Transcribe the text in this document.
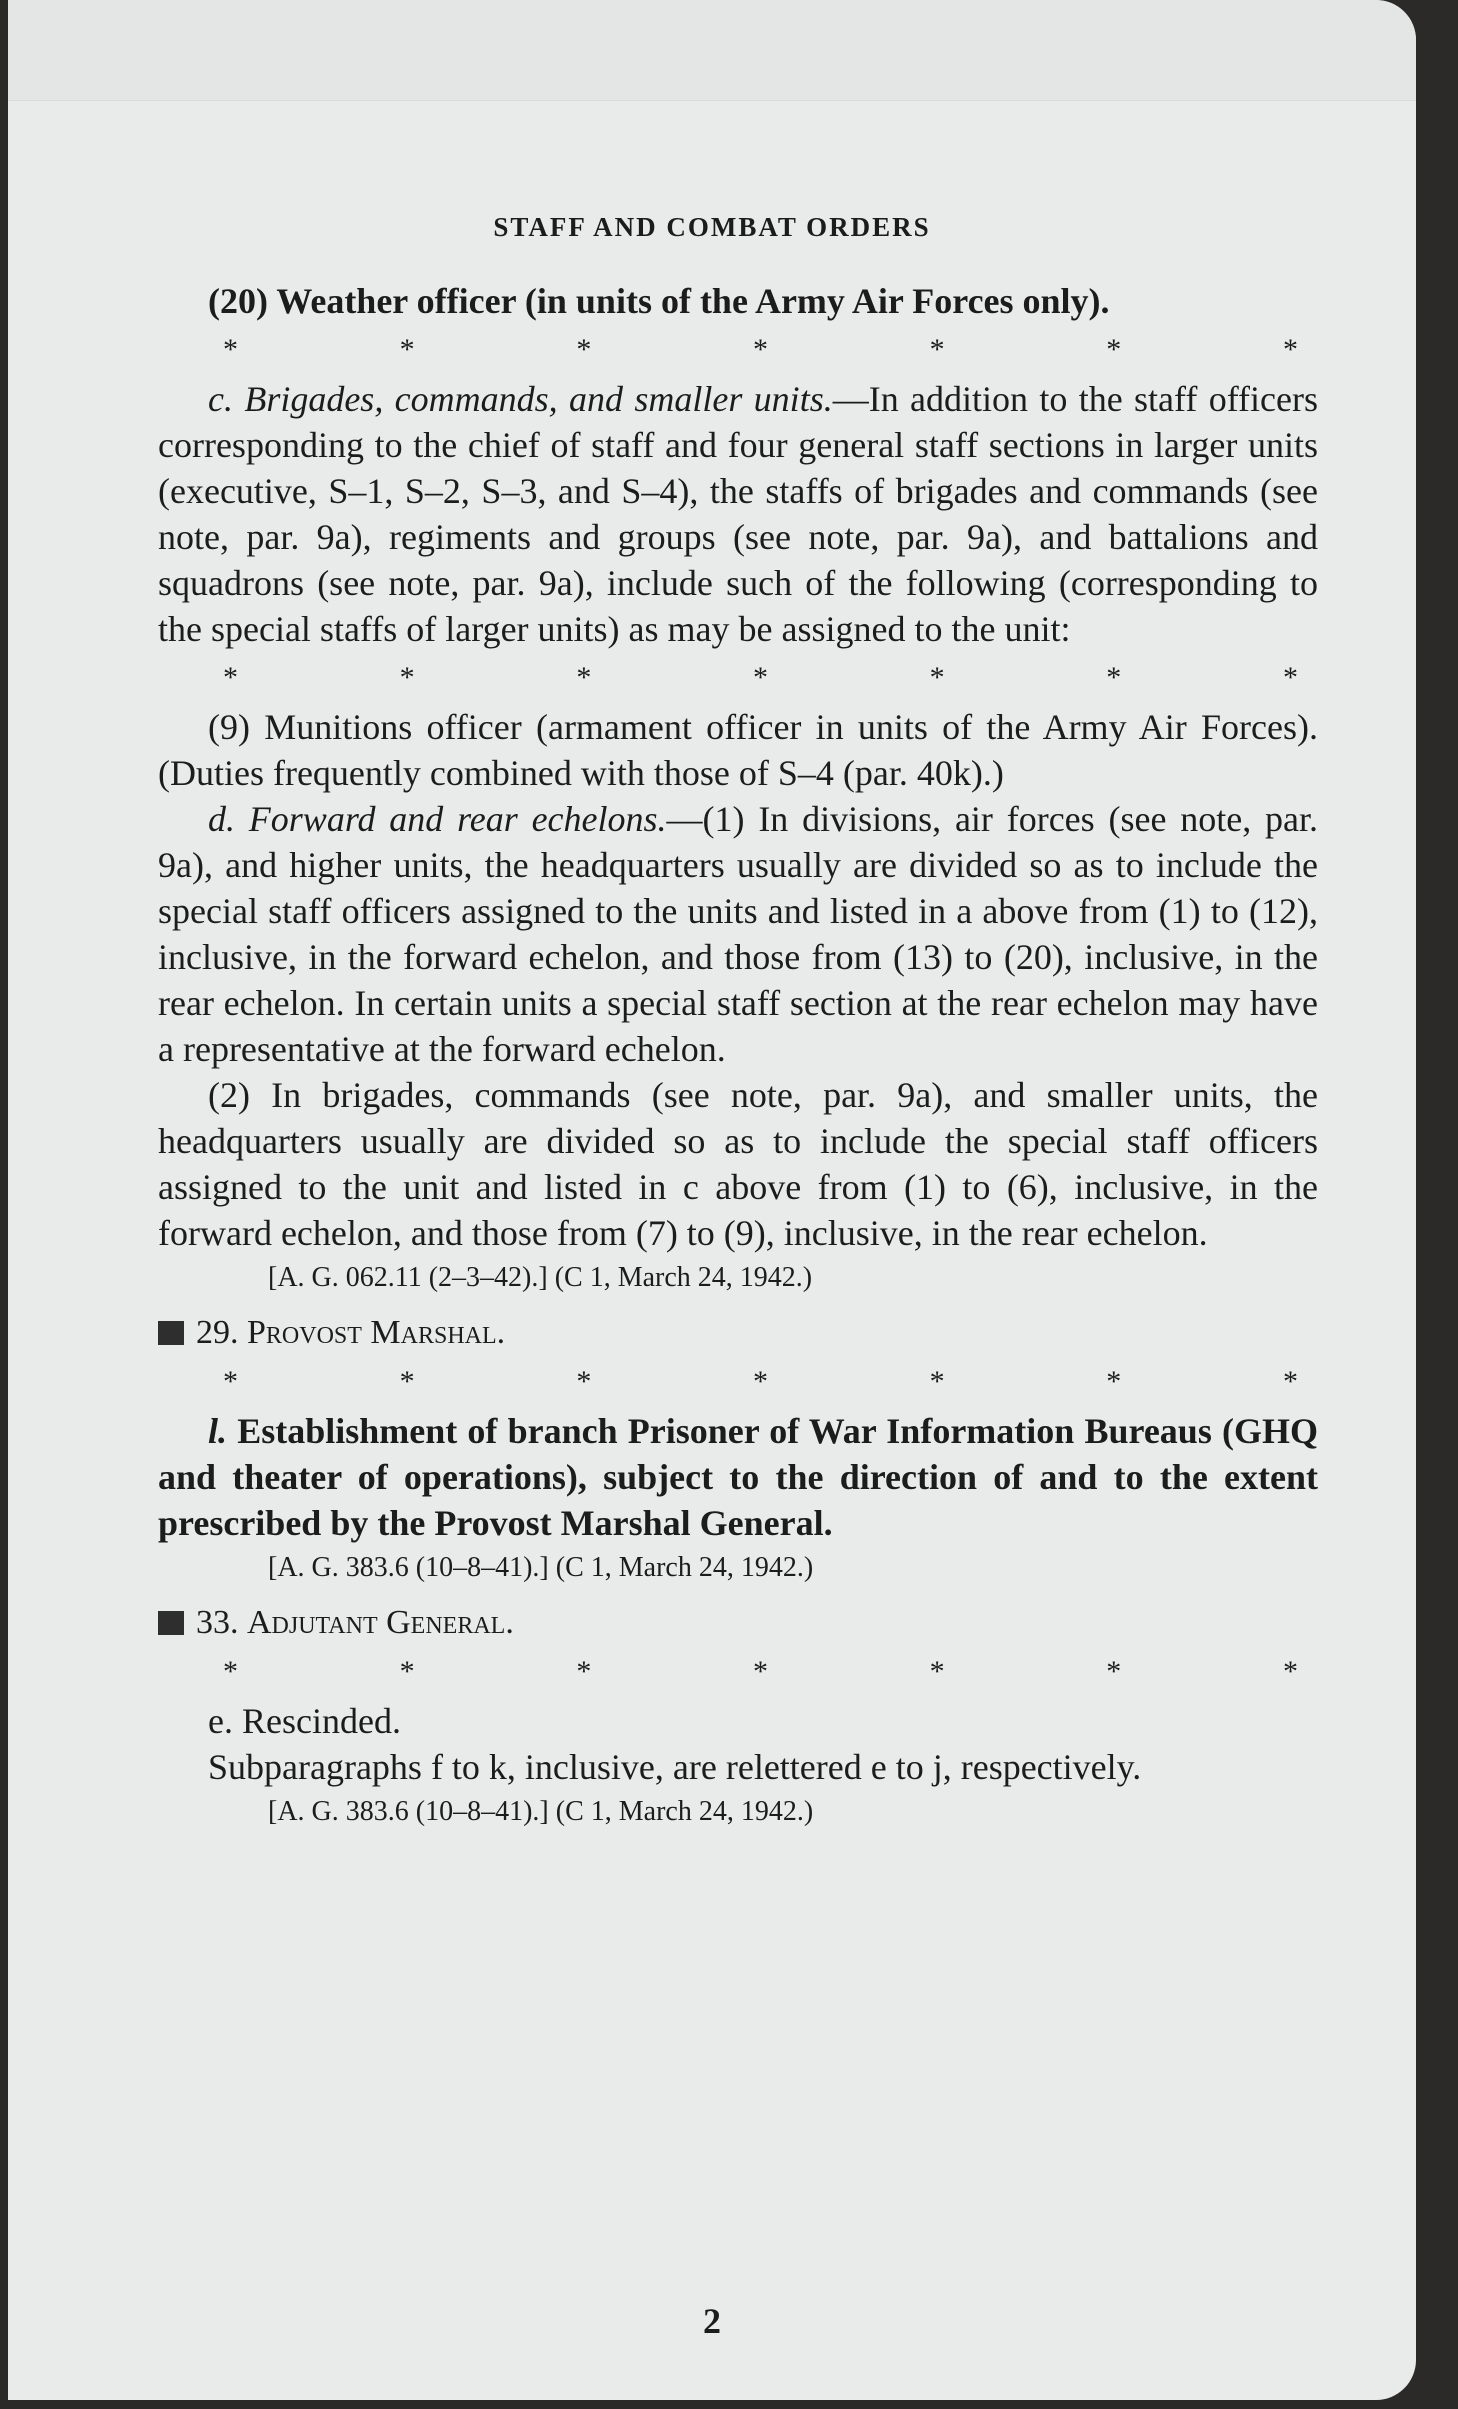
STAFF AND COMBAT ORDERS

(20) Weather officer (in units of the Army Air Forces only).

*	*	*	*	*	*	*

c. Brigades, commands, and smaller units.—In addition to the staff officers corresponding to the chief of staff and four general staff sections in larger units (executive, S–1, S–2, S–3, and S–4), the staffs of brigades and commands (see note, par. 9a), regiments and groups (see note, par. 9a), and battalions and squadrons (see note, par. 9a), include such of the following (corresponding to the special staffs of larger units) as may be assigned to the unit:

*	*	*	*	*	*	*

(9) Munitions officer (armament officer in units of the Army Air Forces). (Duties frequently combined with those of S–4 (par. 40k).)

d. Forward and rear echelons.—(1) In divisions, air forces (see note, par. 9a), and higher units, the headquarters usually are divided so as to include the special staff officers assigned to the units and listed in a above from (1) to (12), inclusive, in the forward echelon, and those from (13) to (20), inclusive, in the rear echelon. In certain units a special staff section at the rear echelon may have a representative at the forward echelon.

(2) In brigades, commands (see note, par. 9a), and smaller units, the headquarters usually are divided so as to include the special staff officers assigned to the unit and listed in c above from (1) to (6), inclusive, in the forward echelon, and those from (7) to (9), inclusive, in the rear echelon.

[A. G. 062.11 (2–3–42).] (C 1, March 24, 1942.)
29. Provost Marshal.
*	*	*	*	*	*	*

l. Establishment of branch Prisoner of War Information Bureaus (GHQ and theater of operations), subject to the direction of and to the extent prescribed by the Provost Marshal General.

[A. G. 383.6 (10–8–41).] (C 1, March 24, 1942.)
33. Adjutant General.
*	*	*	*	*	*	*

e. Rescinded.

Subparagraphs f to k, inclusive, are relettered e to j, respectively.

[A. G. 383.6 (10–8–41).] (C 1, March 24, 1942.)
2
